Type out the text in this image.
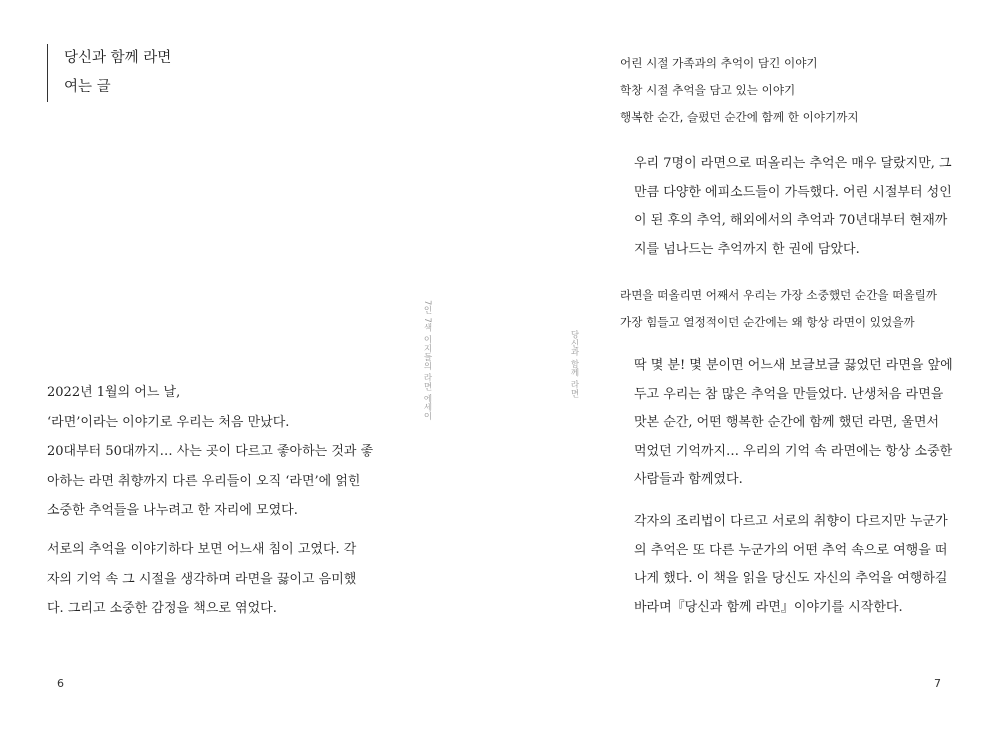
당신과 함께 라면
여는 글
2022년 1월의 어느 날,
‘라면’이라는 이야기로 우리는 처음 만났다.
20대부터 50대까지… 사는 곳이 다르고 좋아하는 것과 좋
아하는 라면 취향까지 다른 우리들이 오직 ‘라면’에 얽힌
소중한 추억들을 나누려고 한 자리에 모였다.
서로의 추억을 이야기하다 보면 어느새 침이 고였다. 각
자의 기억 속 그 시절을 생각하며 라면을 끓이고 음미했
다. 그리고 소중한 감정을 책으로 엮었다.
7인 7색 이지들의 라면 에세이
6
당신과 함께 라면
어린 시절 가족과의 추억이 담긴 이야기
학창 시절 추억을 담고 있는 이야기
행복한 순간, 슬펐던 순간에 함께 한 이야기까지
우리 7명이 라면으로 떠올리는 추억은 매우 달랐지만, 그
만큼 다양한 에피소드들이 가득했다. 어린 시절부터 성인
이 된 후의 추억, 해외에서의 추억과 70년대부터 현재까
지를 넘나드는 추억까지 한 권에 담았다.
라면을 떠올리면 어째서 우리는 가장 소중했던 순간을 떠올릴까
가장 힘들고 열정적이던 순간에는 왜 항상 라면이 있었을까
딱 몇 분! 몇 분이면 어느새 보글보글 끓었던 라면을 앞에
두고 우리는 참 많은 추억을 만들었다. 난생처음 라면을
맛본 순간, 어떤 행복한 순간에 함께 했던 라면, 울면서
먹었던 기억까지… 우리의 기억 속 라면에는 항상 소중한
사람들과 함께였다.
각자의 조리법이 다르고 서로의 취향이 다르지만 누군가
의 추억은 또 다른 누군가의 어떤 추억 속으로 여행을 떠
나게 했다. 이 책을 읽을 당신도 자신의 추억을 여행하길
바라며『당신과 함께 라면』이야기를 시작한다.
7
